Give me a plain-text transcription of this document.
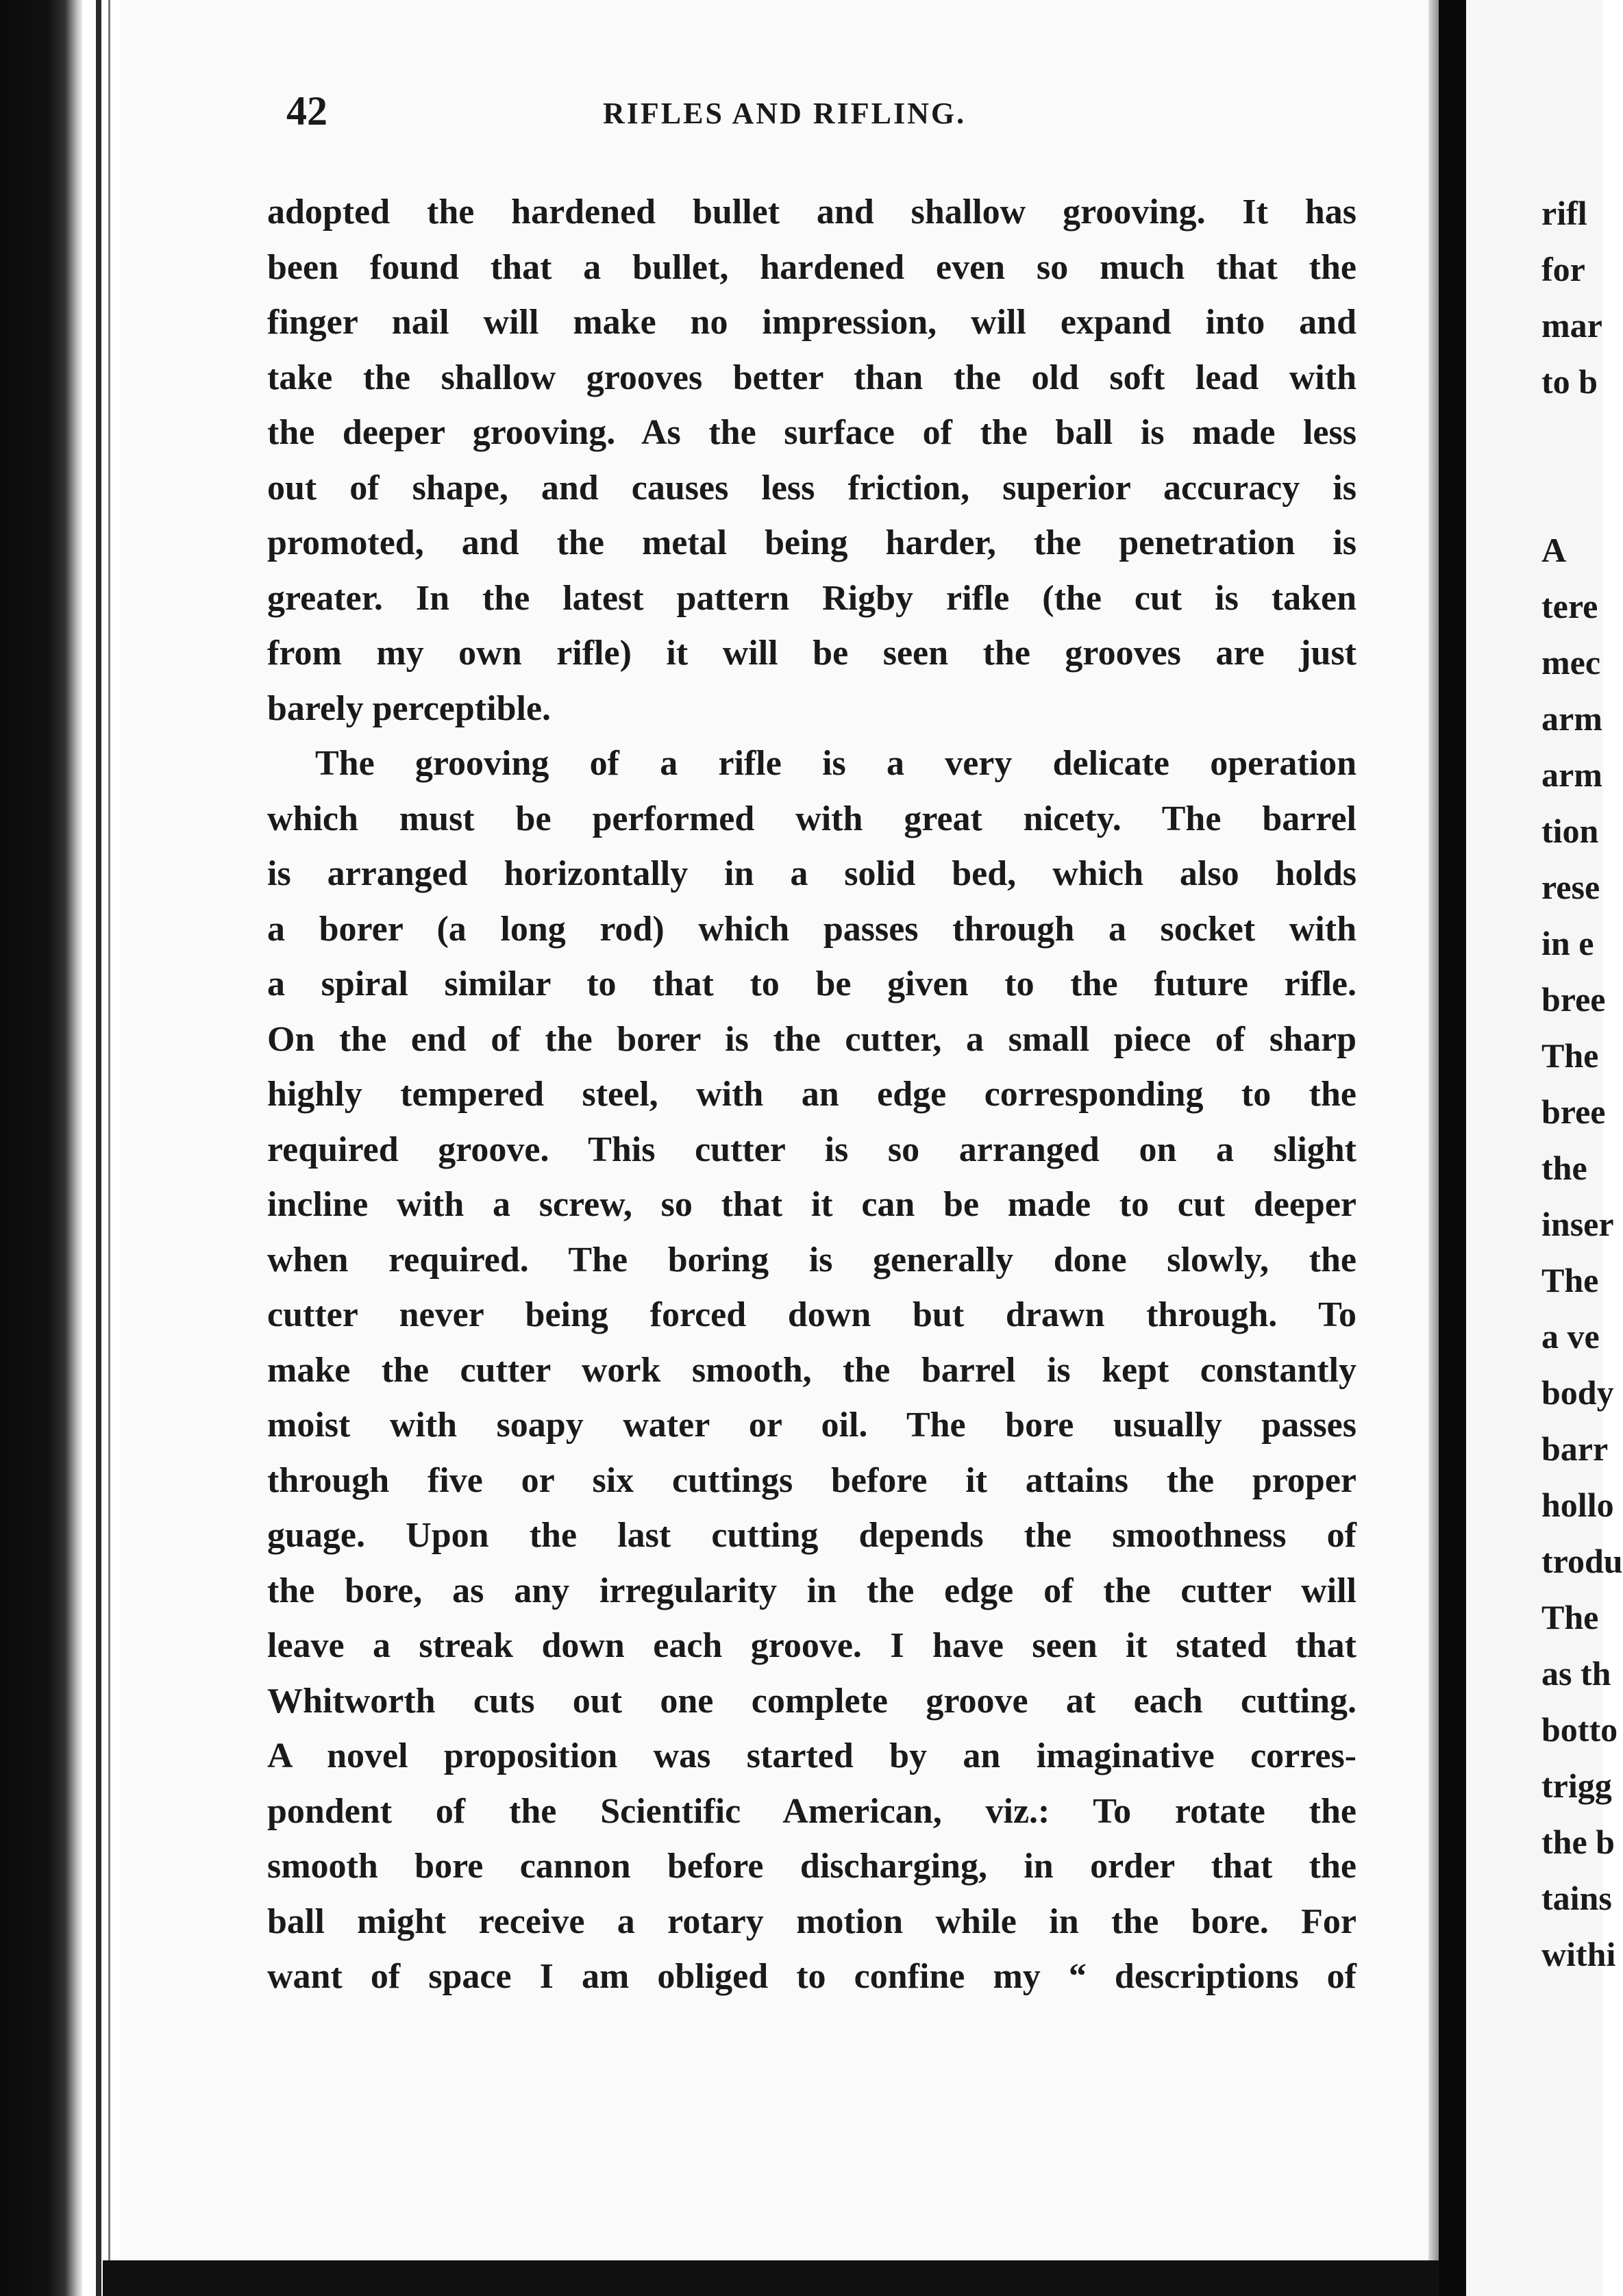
42	RIFLES AND RIFLING.
adopted the hardened bullet and shallow grooving. It has
been found that a bullet, hardened even so much that the
finger nail will make no impression, will expand into and
take the shallow grooves better than the old soft lead with
the deeper grooving. As the surface of the ball is made less
out of shape, and causes less friction, superior accuracy is
promoted, and the metal being harder, the penetration is
greater. In the latest pattern Rigby rifle (the cut is taken
from my own rifle) it will be seen the grooves are just
barely perceptible.
The grooving of a rifle is a very delicate operation
which must be performed with great nicety. The barrel
is arranged horizontally in a solid bed, which also holds
a borer (a long rod) which passes through a socket with
a spiral similar to that to be given to the future rifle.
On the end of the borer is the cutter, a small piece of sharp
highly tempered steel, with an edge corresponding to the
required groove. This cutter is so arranged on a slight
incline with a screw, so that it can be made to cut deeper
when required. The boring is generally done slowly, the
cutter never being forced down but drawn through. To
make the cutter work smooth, the barrel is kept constantly
moist with soapy water or oil. The bore usually passes
through five or six cuttings before it attains the proper
guage. Upon the last cutting depends the smoothness of
the bore, as any irregularity in the edge of the cutter will
leave a streak down each groove. I have seen it stated that
Whitworth cuts out one complete groove at each cutting.
A novel proposition was started by an imaginative corres-
pondent of the Scientific American, viz.: To rotate the
smooth bore cannon before discharging, in order that the
ball might receive a rotary motion while in the bore. For
want of space I am obliged to confine my “ descriptions of
rifl
for
mar
to b
A
tere
mec
arm
arm
tion
rese
in e
bree
The
bree
the
inser
The
a ve
body
barr
hollo
trodu
The
as th
botto
trigg
the b
tains
withi
